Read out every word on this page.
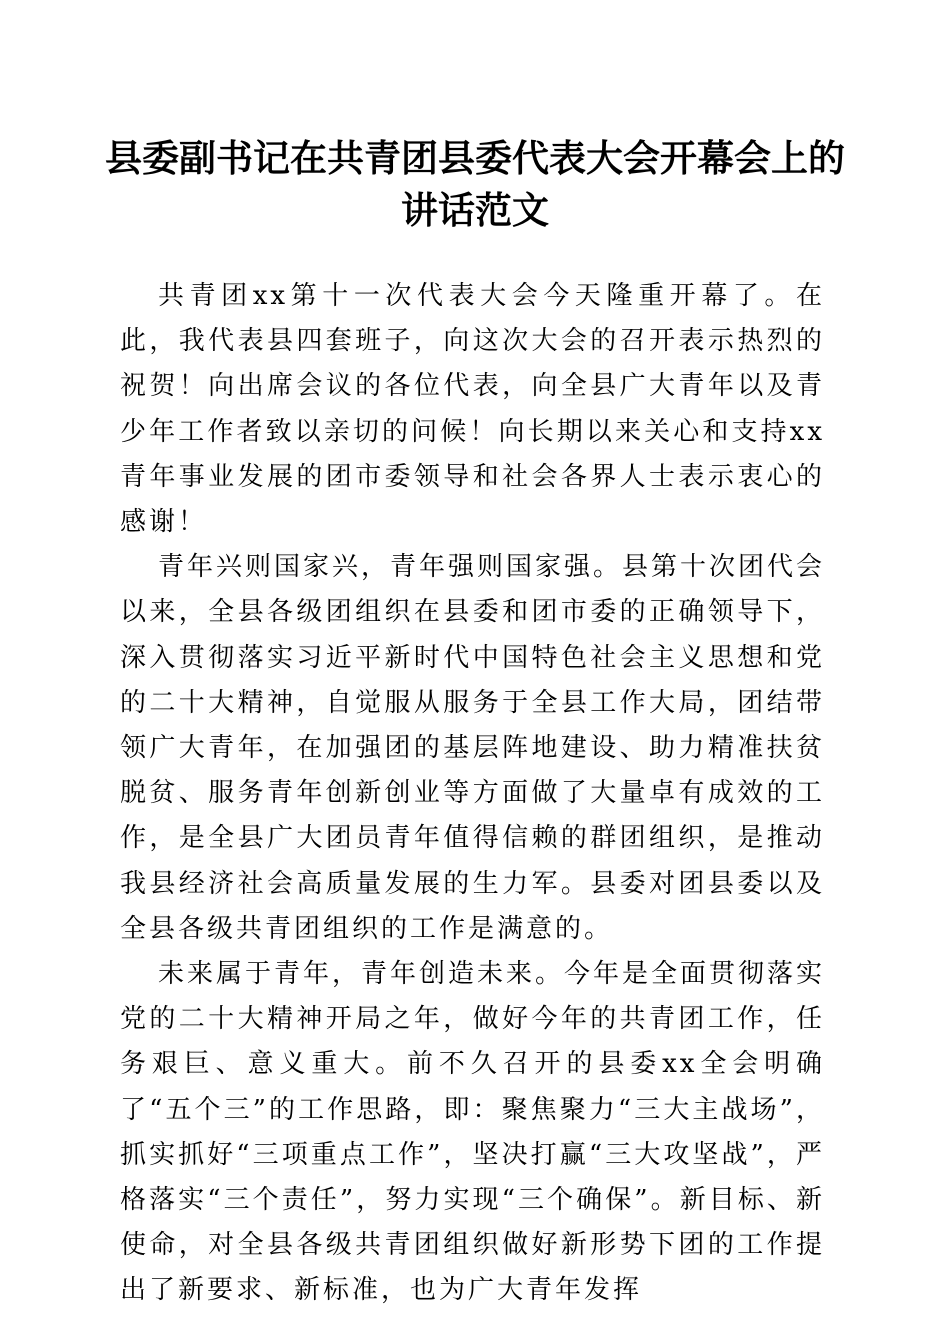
县委副书记在共青团县委代表大会开幕会上的讲话范文

共青团xx第十一次代表大会今天隆重开幕了。在此，我代表县四套班子，向这次大会的召开表示热烈的祝贺！向出席会议的各位代表，向全县广大青年以及青少年工作者致以亲切的问候！向长期以来关心和支持xx青年事业发展的团市委领导和社会各界人士表示衷心的感谢！

青年兴则国家兴，青年强则国家强。县第十次团代会以来，全县各级团组织在县委和团市委的正确领导下，深入贯彻落实习近平新时代中国特色社会主义思想和党的二十大精神，自觉服从服务于全县工作大局，团结带领广大青年，在加强团的基层阵地建设、助力精准扶贫脱贫、服务青年创新创业等方面做了大量卓有成效的工作，是全县广大团员青年值得信赖的群团组织，是推动我县经济社会高质量发展的生力军。县委对团县委以及全县各级共青团组织的工作是满意的。

未来属于青年，青年创造未来。今年是全面贯彻落实党的二十大精神开局之年，做好今年的共青团工作，任务艰巨、意义重大。前不久召开的县委xx全会明确了“五个三”的工作思路，即：聚焦聚力“三大主战场”，抓实抓好“三项重点工作”，坚决打赢“三大攻坚战”，严格落实“三个责任”，努力实现“三个确保”。新目标、新使命，对全县各级共青团组织做好新形势下团的工作提出了新要求、新标准，也为广大青年发挥
